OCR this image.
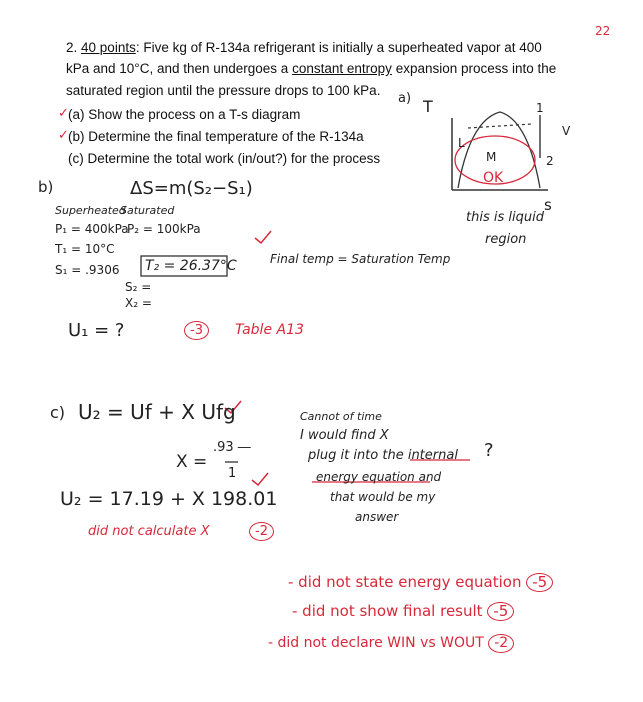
22
2. 40 points: Five kg of R-134a refrigerant is initially a superheated vapor at 400
kPa and 10°C, and then undergoes a constant entropy expansion process into the
saturated region until the pressure drops to 100 kPa.
✓ (a) Show the process on a T-s diagram
✓ (b) Determine the final temperature of the R-134a
(c) Determine the total work (in/out?) for the process
a) T
s
1
2
V
L
M
OK
this is liquid
region
b)	ΔS=m(S₂−S₁)
Superheated
Saturated
P₁ = 400kPa
P₂ = 100kPa
T₁ = 10°C
T₂ = 26.37°C
S₁ = .9306
S₂ =
X₂ =
Final temp = Saturation Temp
U₁ = ?	-3	Table A13
c) U₂ = Uf + X Ufg
X =
.93 ―
1
U₂ = 17.19 + X 198.01
did not calculate X	-2
Cannot of time
I would find X
plug it into the internal ?
energy equation and
that would be my
answer
- did not state energy equation -5
- did not show final result -5
- did not declare WIN vs WOUT -2
